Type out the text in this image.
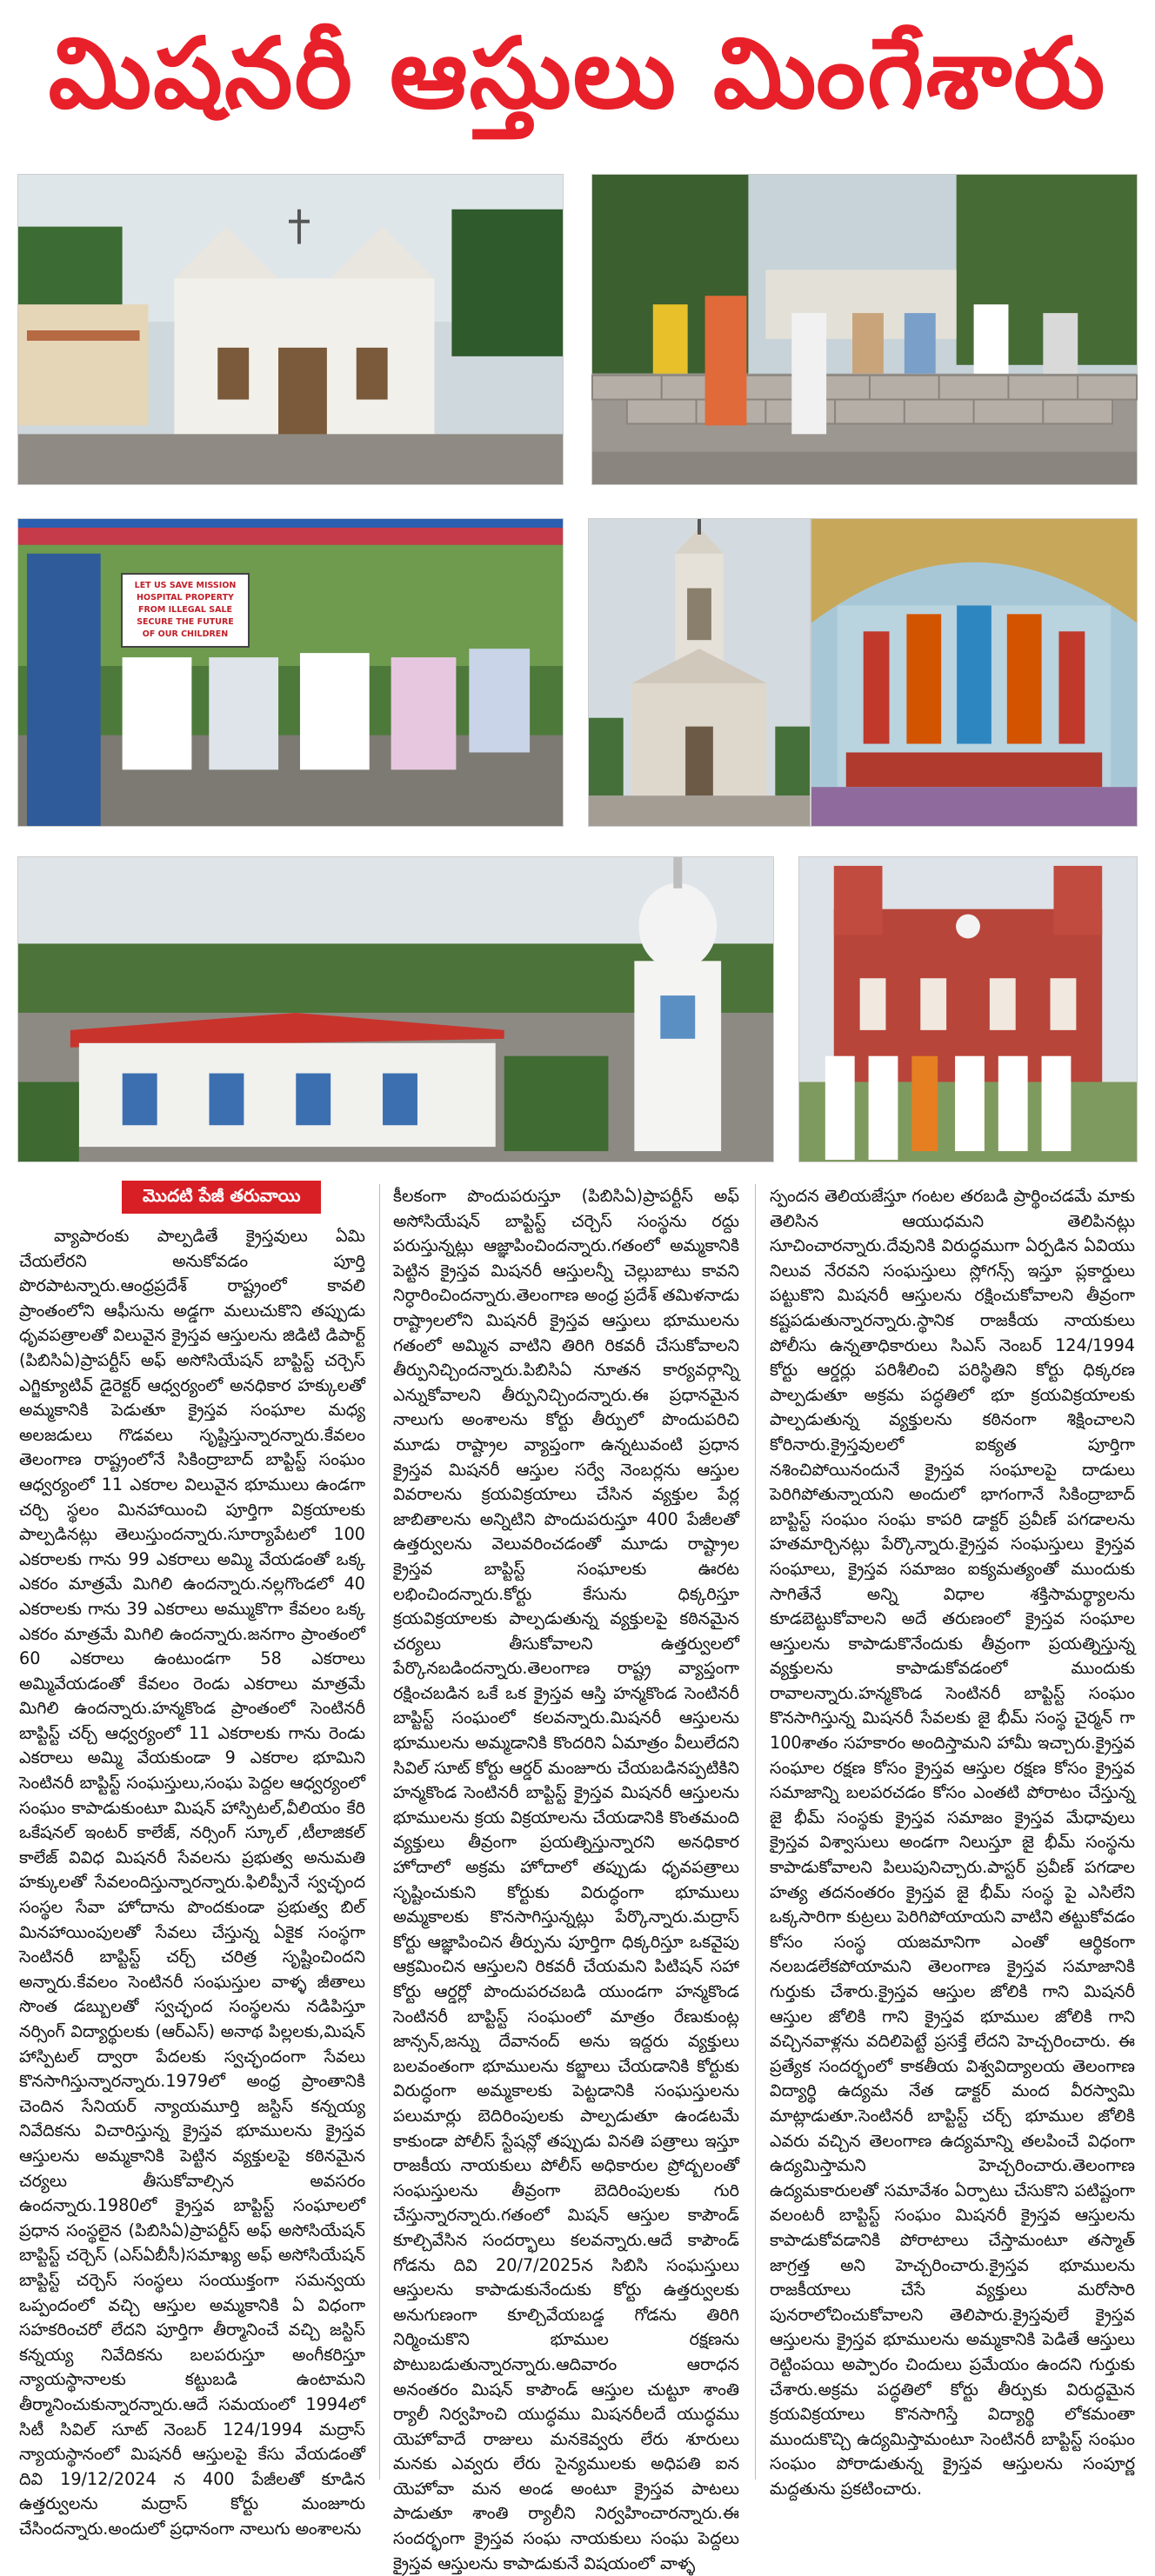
మిషనరీ ఆస్తులు మింగేశారు
LET US SAVE MISSION
HOSPITAL PROPERTY
FROM ILLEGAL SALE
SECURE THE FUTURE
OF OUR CHILDREN
మొదటి పేజీ తరువాయి

వ్యాపారంకు పాల్పడితే క్రైస్తవులు ఏమి చేయలేరని అనుకోవడం పూర్తి పొరపాటన్నారు.ఆంధ్రప్రదేశ్ రాష్ట్రంలో కావలి ప్రాంతంలోని ఆఫీసును అడ్డగా మలుచుకొని తప్పుడు ధృవపత్రాలతో విలువైన క్రైస్తవ ఆస్తులను జిడిటి డిపార్ట్ (పిబిసిఏ)ప్రాపర్టీస్ అఫ్ అసోసియేషన్ బాప్టిస్ట్ చర్చెస్ ఎగ్జిక్యూటివ్ డైరెక్టర్ ఆధ్వర్యంలో అనధికార హక్కులతో అమ్మకానికి పెడుతూ క్రైస్తవ సంఘాల మధ్య అలజడులు గొడవలు సృష్టిస్తున్నారన్నారు.కేవలం తెలంగాణ రాష్ట్రంలోనే సికింద్రాబాద్ బాప్టిస్ట్ సంఘం ఆధ్వర్యంలో 11 ఎకరాల విలువైన భూములు ఉండగా చర్చి స్థలం మినహాయించి పూర్తిగా విక్రయాలకు పాల్పడినట్లు తెలుస్తుందన్నారు.సూర్యాపేటలో 100 ఎకరాలకు గాను 99 ఎకరాలు అమ్మి వేయడంతో ఒక్క ఎకరం మాత్రమే మిగిలి ఉందన్నారు.నల్లగొండలో 40 ఎకరాలకు గాను 39 ఎకరాలు అమ్ముకొగా కేవలం ఒక్క ఎకరం మాత్రమే మిగిలి ఉందన్నారు.జనగాం ప్రాంతంలో 60 ఎకరాలు ఉంటుండగా 58 ఎకరాలు అమ్మివేయడంతో కేవలం రెండు ఎకరాలు మాత్రమే మిగిలి ఉందన్నారు.హన్మకొండ ప్రాంతంలో సెంటినరీ బాప్టిస్ట్ చర్చ్ ఆధ్వర్యంలో 11 ఎకరాలకు గాను రెండు ఎకరాలు అమ్మి వేయకుండా 9 ఎకరాల భూమిని సెంటినరీ బాప్టిస్ట్ సంఘస్తులు,సంఘ పెద్దల ఆధ్వర్యంలో సంఘం కాపాడుకుంటూ మిషన్ హాస్పిటల్,వీలియం కేరి ఒకేషనల్ ఇంటర్ కాలేజ్, నర్సింగ్ స్కూల్ ,టీలాజికల్ కాలేజ్ వివిధ మిషనరీ సేవలను ప్రభుత్వ అనుమతి హక్కులతో సేవలందిస్తున్నారన్నారు.ఫిలిప్పీనే స్వచ్ఛంద సంస్థల సేవా హోదాను పొందకుండా ప్రభుత్వ బిల్ మినహాయింపులతో సేవలు చేస్తున్న ఏకైక సంస్థగా సెంటినరీ బాప్టిస్ట్ చర్చ్ చరిత్ర సృష్టించిందని అన్నారు.కేవలం సెంటినరీ సంఘస్తుల వాళ్ళ జీతాలు సొంత డబ్బులతో స్వచ్ఛంద సంస్థలను నడిపిస్తూ నర్సింగ్ విద్యార్థులకు (ఆర్ఎస్) అనాథ పిల్లలకు,మిషన్ హాస్పిటల్ ద్వారా పేదలకు స్వచ్ఛందంగా సేవలు కొనసాగిస్తున్నారన్నారు.1979లో అంధ్ర ప్రాంతానికి చెందిన సేనియర్ న్యాయమూర్తి జస్టిస్ కన్నయ్య నివేదికను విచారిస్తున్న క్రైస్తవ భూములను క్రైస్తవ ఆస్తులను అమ్మకానికి పెట్టిన వ్యక్తులపై కఠినమైన చర్యలు తీసుకోవాల్సిన అవసరం ఉందన్నారు.1980లో క్రైస్తవ బాప్టిస్ట్ సంఘాలలో ప్రధాన సంస్థలైన (పిబిసిఏ)ప్రాపర్టీస్ అఫ్ అసోసియేషన్ బాప్టిస్ట్ చర్చెస్ (ఎస్ఏబీసీ)సమాఖ్య అఫ్ అసోసియేషన్ బాప్టిస్ట్ చర్చెస్ సంస్థలు సంయుక్తంగా సమన్వయ ఒప్పందంలో వచ్చి ఆస్తుల అమ్మకానికి ఏ విధంగా సహకరించరో లేదని పూర్తిగా తీర్మానించే వచ్చి జస్టిస్ కన్నయ్య నివేదికను బలపరుస్తూ అంగీకరిస్తూ న్యాయస్థానాలకు కట్టుబడి ఉంటామని తీర్మానించుకున్నారన్నారు.ఆదే సమయంలో 1994లో సిటీ సివిల్ సూట్ నెంబర్ 124/1994 మద్రాస్ న్యాయస్థానంలో మిషనరీ ఆస్తులపై కేసు వేయడంతో దివి 19/12/2024 న 400 పేజీలతో కూడిన ఉత్తర్వులను మద్రాస్ కోర్టు మంజూరు చేసిందన్నారు.అందులో ప్రధానంగా నాలుగు అంశాలను

కీలకంగా పొందుపరుస్తూ (పిబిసిఏ)ప్రాపర్టీస్ అఫ్ అసోసియేషన్ బాప్టిస్ట్ చర్చెస్ సంస్థను రద్దు పరుస్తున్నట్లు ఆజ్ఞాపించిందన్నారు.గతంలో అమ్మకానికి పెట్టిన క్రైస్తవ మిషనరీ ఆస్తులన్నీ చెల్లుబాటు కావని నిర్ధారించిందన్నారు.తెలంగాణ అంధ్ర ప్రదేశ్ తమిళనాడు రాష్ట్రాలలోని మిషనరీ క్రైస్తవ ఆస్తులు భూములను గతంలో అమ్మిన వాటిని తిరిగి రికవరీ చేసుకోవాలని తీర్పునిచ్చిందన్నారు.పిబిసిఏ నూతన కార్యవర్గాన్ని ఎన్నుకోవాలని తీర్పునిచ్చిందన్నారు.ఈ ప్రధానమైన నాలుగు అంశాలను కోర్టు తీర్పులో పొందుపరిచి మూడు రాష్ట్రాల వ్యాప్తంగా ఉన్నటువంటి ప్రధాన క్రైస్తవ మిషనరీ ఆస్తుల సర్వే నెంబర్లను ఆస్తుల వివరాలను క్రయవిక్రయాలు చేసిన వ్యక్తుల పేర్ల జాబితాలను అన్నిటిని పొందుపరుస్తూ 400 పేజీలతో ఉత్తర్వులను వెలువరించడంతో మూడు రాష్ట్రాల క్రైస్తవ బాప్టిస్ట్ సంఘాలకు ఊరట లభించిందన్నారు.కోర్టు కేసును ధిక్కరిస్తూ క్రయవిక్రయాలకు పాల్పడుతున్న వ్యక్తులపై కఠినమైన చర్యలు తీసుకోవాలని ఉత్తర్వులలో పేర్కొనబడిందన్నారు.తెలంగాణ రాష్ట్ర వ్యాప్తంగా రక్షించబడిన ఒకే ఒక క్రైస్తవ ఆస్తి హన్మకొండ సెంటినరీ బాప్టిస్ట్ సంఘంలో కలవన్నారు.మిషనరీ ఆస్తులను భూములను అమ్మడానికి కొందరిని ఏమాత్రం వీలులేదని సివిల్ సూట్ కోర్టు ఆర్డర్ మంజూరు చేయబడినప్పటికిని హన్మకొండ సెంటినరీ బాప్టిస్ట్ క్రైస్తవ మిషనరీ ఆస్తులను భూములను క్రయ విక్రయాలను చేయడానికి కొంతమంది వ్యక్తులు తీవ్రంగా ప్రయత్నిస్తున్నారని అనధికార హోదాలో అక్రమ హోదాలో తప్పుడు ధృవపత్రాలు సృష్టించుకుని కోర్టుకు విరుద్ధంగా భూములు అమ్మకాలకు కొనసాగిస్తున్నట్లు పేర్కొన్నారు.మద్రాస్ కోర్టు ఆజ్ఞాపించిన తీర్పును పూర్తిగా ధిక్కరిస్తూ ఒకవైపు ఆక్రమించిన ఆస్తులని రికవరీ చేయమని పిటిషన్ సహా కోర్టు ఆర్డర్లో పొందుపరచబడి యుండగా హన్మకొండ సెంటినరీ బాప్టిస్ట్ సంఘంలో మాత్రం రేణుకుంట్ల జాన్సన్,జన్ను దేవానంద్ అను ఇద్దరు వ్యక్తులు బలవంతంగా భూములను కబ్జాలు చేయడానికి కోర్టుకు విరుద్ధంగా అమ్మకాలకు పెట్టడానికి సంఘస్తులను పలుమార్లు బెదిరింపులకు పాల్పడుతూ ఉండటమే కాకుండా పోలీస్ స్టేషన్లో తప్పుడు వినతి పత్రాలు ఇస్తూ రాజకీయ నాయకులు పోలీస్ అధికారుల ప్రోద్బలంతో సంఘస్తులను తీవ్రంగా బెదిరింపులకు గురి చేస్తున్నారన్నారు.గతంలో మిషన్ ఆస్తుల కాపౌండ్ కూల్చివేసిన సందర్భాలు కలవన్నారు.ఆదే కాపౌండ్ గోడను దివి 20/7/2025న సిబిసి సంఘస్తులు ఆస్తులను కాపాడుకునేందుకు కోర్టు ఉత్తర్వులకు అనుగుణంగా కూల్చివేయబడ్డ గోడను తిరిగి నిర్మించుకొని భూముల రక్షణను పొటుబడుతున్నారన్నారు.ఆదివారం ఆరాధన అనంతరం మిషన్ కాపౌండ్ ఆస్తుల చుట్టూ శాంతి ర్యాలీ నిర్వహించి యుద్ధము మిషనరీలదే యుద్ధము యెహోవాదే రాజులు మనకెవ్వరు లేరు శూరులు మనకు ఎవ్వరు లేరు సైన్యములకు అధిపతి ఐన యెహోవా మన అండ అంటూ క్రైస్తవ పాటలు పాడుతూ శాంతి ర్యాలీని నిర్వహించారన్నారు.ఈ సందర్భంగా క్రైస్తవ సంఘ నాయకులు సంఘ పెద్దలు క్రైస్తవ ఆస్తులను కాపాడుకునే విషయంలో వాళ్ళ

స్పందన తెలియజేస్తూ గంటల తరబడి ప్రార్థించడమే మాకు తెలిసిన ఆయుధమని తెలిపినట్లు సూచించారన్నారు.దేవునికి విరుద్ధముగా ఏర్పడిన ఏవియు నిలువ నేరవని సంఘస్తులు స్లోగన్స్ ఇస్తూ ప్లకార్డులు పట్టుకొని మిషనరీ ఆస్తులను రక్షించుకోవాలని తీవ్రంగా కష్టపడుతున్నారన్నారు.స్థానిక రాజకీయ నాయకులు పోలీసు ఉన్నతాధికారులు సిఎస్ నెంబర్ 124/1994 కోర్టు ఆర్డర్లు పరిశీలించి పరిస్థితిని కోర్టు ధిక్కరణ పాల్పడుతూ అక్రమ పద్ధతిలో భూ క్రయవిక్రయాలకు పాల్పడుతున్న వ్యక్తులను కఠినంగా శిక్షించాలని కోరినారు.క్రైస్తవులలో ఐక్యత పూర్తిగా నశించిపోయినందునే క్రైస్తవ సంఘాలపై దాడులు పెరిగిపోతున్నాయని అందులో భాగంగానే సికింద్రాబాద్ బాప్టిస్ట్ సంఘం సంఘ కాపరి డాక్టర్ ప్రవీణ్ పగడాలను హతమార్చినట్లు పేర్కొన్నారు.క్రైస్తవ సంఘస్తులు క్రైస్తవ సంఘాలు, క్రైస్తవ సమాజం ఐక్యమత్యంతో ముందుకు సాగితేనే అన్ని విధాల శక్తిసామర్థ్యాలను కూడబెట్టుకోవాలని అదే తరుణంలో క్రైస్తవ సంఘాల ఆస్తులను కాపాడుకొనేందుకు తీవ్రంగా ప్రయత్నిస్తున్న వ్యక్తులను కాపాడుకోవడంలో ముందుకు రావాలన్నారు.హన్మకొండ సెంటినరీ బాప్టిస్ట్ సంఘం కొనసాగిస్తున్న మిషనరీ సేవలకు జై భీమ్ సంస్థ చైర్మన్ గా 100శాతం సహకారం అందిస్తామని హామీ ఇచ్చారు.క్రైస్తవ సంఘాల రక్షణ కోసం క్రైస్తవ ఆస్తుల రక్షణ కోసం క్రైస్తవ సమాజాన్ని బలపరచడం కోసం ఎంతటి పోరాటం చేస్తున్న జై భీమ్ సంస్థకు క్రైస్తవ సమాజం క్రైస్తవ మేధావులు క్రైస్తవ విశ్వాసులు అండగా నిలుస్తూ జై భీమ్ సంస్థను కాపాడుకోవాలని పిలుపునిచ్చారు.పాస్టర్ ప్రవీణ్ పగడాల హత్య తదనంతరం క్రైస్తవ జై భీమ్ సంస్థ పై ఎసిలేని ఒక్కసారిగా కుట్రలు పెరిగిపోయాయని వాటిని తట్టుకోవడం కోసం సంస్థ యజమానిగా ఎంతో ఆర్థికంగా నలబడలేకపోయామని తెలంగాణ క్రైస్తవ సమాజానికి గుర్తుకు చేశారు.క్రైస్తవ ఆస్తుల జోలికి గాని మిషనరీ ఆస్తుల జోలికి గాని క్రైస్తవ భూముల జోలికి గాని వచ్చినవాళ్లను వదిలిపెట్టే ప్రసక్తే లేదని హెచ్చరించారు. ఈ ప్రత్యేక సందర్భంలో కాకతీయ విశ్వవిద్యాలయ తెలంగాణ విద్యార్థి ఉద్యమ నేత డాక్టర్ మంద వీరస్వామి మాట్లాడుతూ.సెంటినరీ బాప్టిస్ట్ చర్చ్ భూముల జోలికి ఎవరు వచ్చిన తెలంగాణ ఉద్యమాన్ని తలపించే విధంగా ఉద్యమిస్తామని హెచ్చరించారు.తెలంగాణ ఉద్యమకారులతో సమావేశం ఏర్పాటు చేసుకొని పటిష్టంగా వలంటరీ బాప్టిస్ట్ సంఘం మిషనరీ క్రైస్తవ ఆస్తులను కాపాడుకోవడానికి పోరాటాలు చేస్తామంటూ తస్మాత్ జాగ్రత్త అని హెచ్చరించారు.క్రైస్తవ భూములను రాజకీయాలు చేసే వ్యక్తులు మరోసారి పునరాలోచించుకోవాలని తెలిపారు.క్రైస్తవులే క్రైస్తవ ఆస్తులను క్రైస్తవ భూములను అమ్మకానికి పెడితే ఆస్తులు రెట్టింపయి అప్పారం చిందులు ప్రమేయం ఉందని గుర్తుకు చేశారు.అక్రమ పద్ధతిలో కోర్టు తీర్పుకు విరుద్ధమైన క్రయవిక్రయాలు కొనసాగిస్తే విద్యార్థి లోకమంతా ముందుకొచ్చి ఉద్యమిస్తామంటూ సెంటినరీ బాప్టిస్ట్ సంఘం సంఘం పోరాడుతున్న క్రైస్తవ ఆస్తులను సంపూర్ణ మద్దతును ప్రకటించారు.
